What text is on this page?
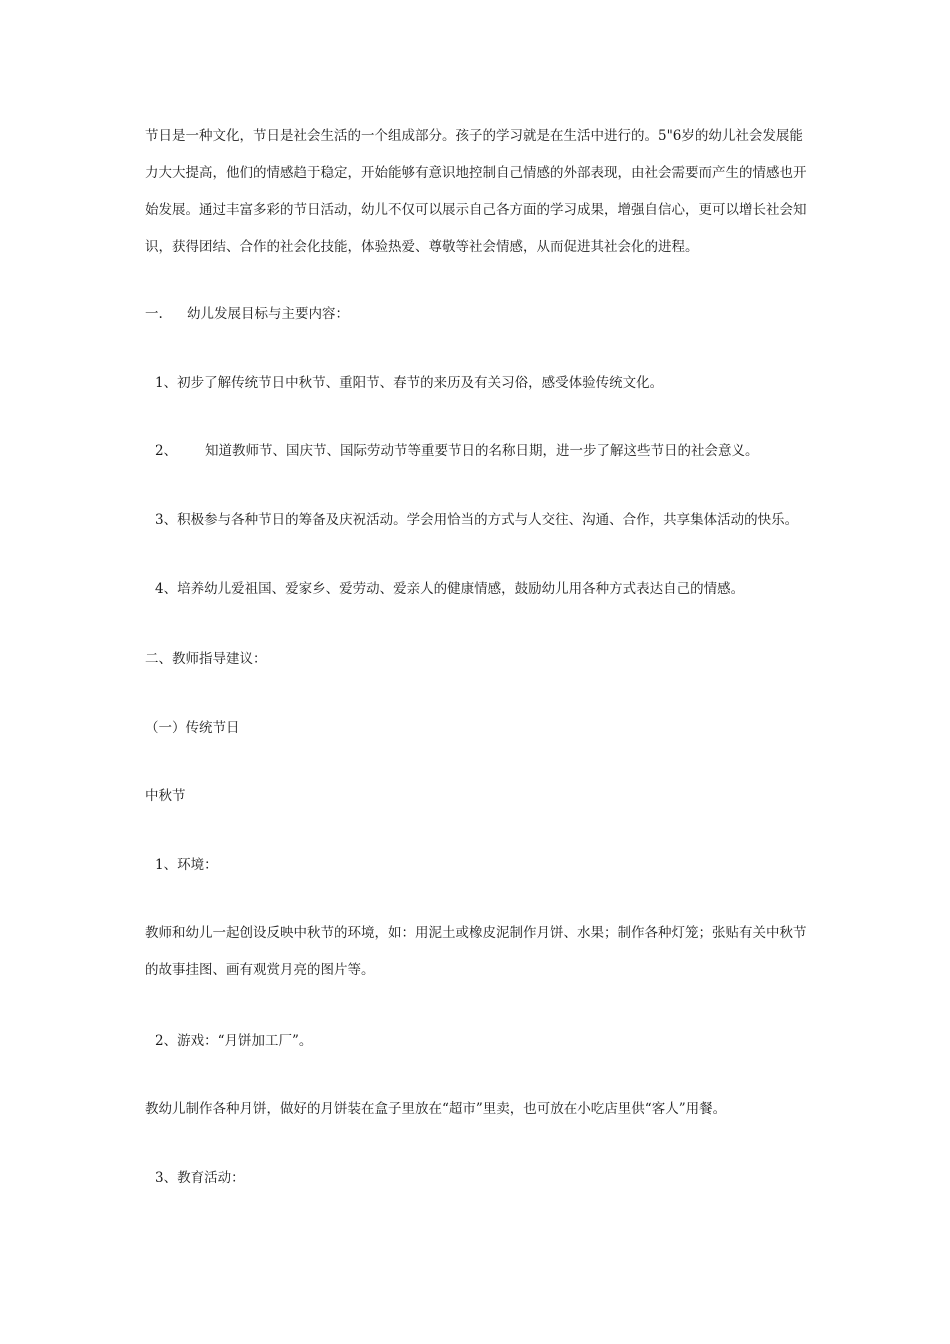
节日是一种文化，节日是社会生活的一个组成部分。孩子的学习就是在生活中进行的。5"6岁的幼儿社会发展能力大大提高，他们的情感趋于稳定，开始能够有意识地控制自己情感的外部表现，由社会需要而产生的情感也开始发展。通过丰富多彩的节日活动，幼儿不仅可以展示自己各方面的学习成果，增强自信心，更可以增长社会知识，获得团结、合作的社会化技能，体验热爱、尊敬等社会情感，从而促进其社会化的进程。
一. 幼儿发展目标与主要内容：
1、初步了解传统节日中秋节、重阳节、春节的来历及有关习俗，感受体验传统文化。
2、 知道教师节、国庆节、国际劳动节等重要节日的名称日期，进一步了解这些节日的社会意义。
3、积极参与各种节日的筹备及庆祝活动。学会用恰当的方式与人交往、沟通、合作，共享集体活动的快乐。
4、培养幼儿爱祖国、爱家乡、爱劳动、爱亲人的健康情感，鼓励幼儿用各种方式表达自己的情感。
二、教师指导建议：
（一）传统节日
中秋节
1、环境：
教师和幼儿一起创设反映中秋节的环境，如：用泥土或橡皮泥制作月饼、水果；制作各种灯笼；张贴有关中秋节的故事挂图、画有观赏月亮的图片等。
2、游戏：“月饼加工厂”。
教幼儿制作各种月饼，做好的月饼装在盒子里放在“超市”里卖，也可放在小吃店里供“客人”用餐。
3、教育活动：
